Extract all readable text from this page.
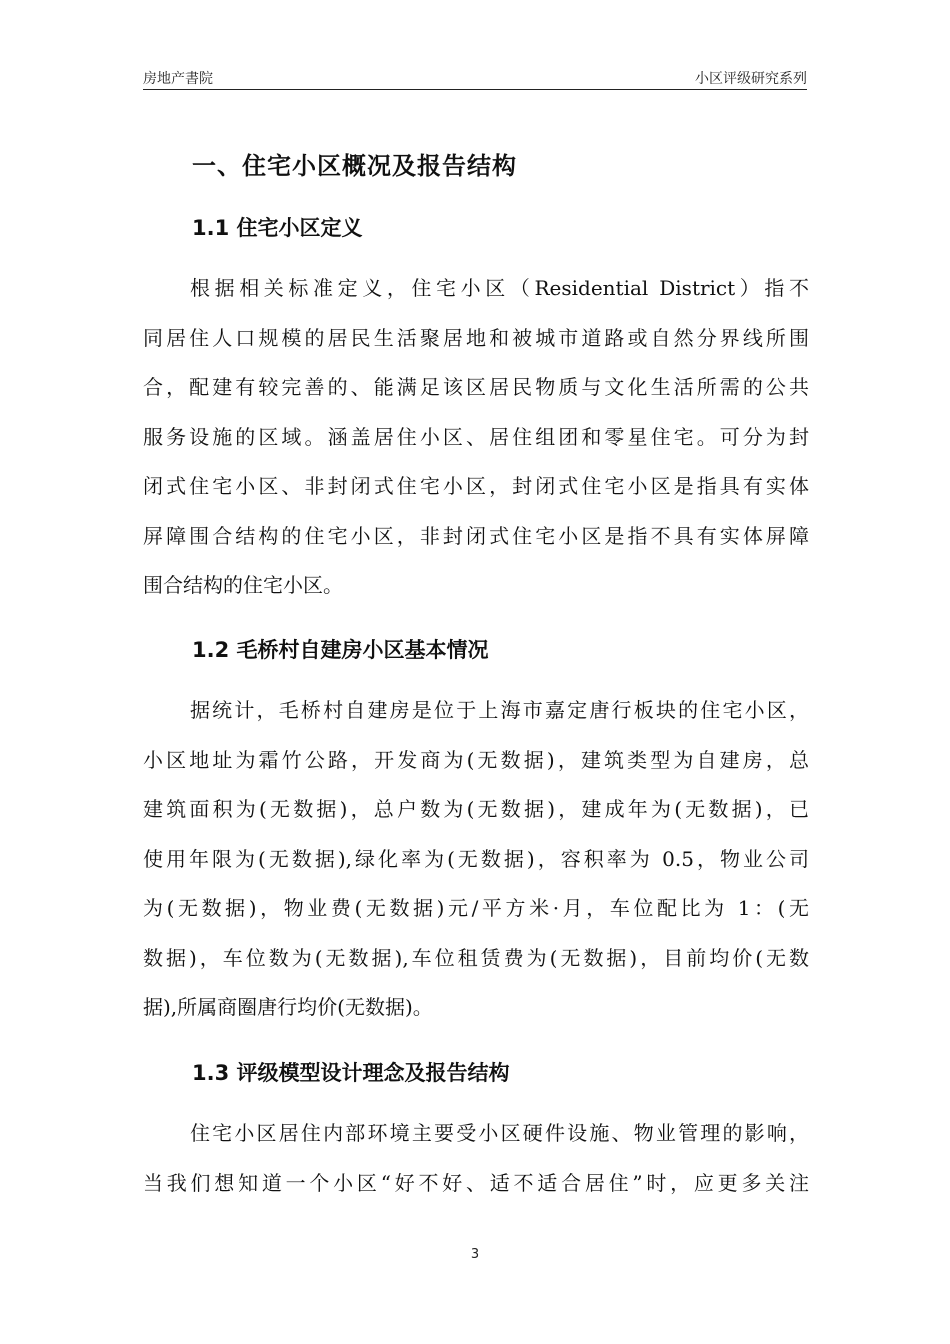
房地产書院	小区评级研究系列
一、住宅小区概况及报告结构
1.1 住宅小区定义
根据相关标准定义，住宅小区（Residential District）指不
同居住人口规模的居民生活聚居地和被城市道路或自然分界线所围
合，配建有较完善的、能满足该区居民物质与文化生活所需的公共
服务设施的区域。涵盖居住小区、居住组团和零星住宅。可分为封
闭式住宅小区、非封闭式住宅小区，封闭式住宅小区是指具有实体
屏障围合结构的住宅小区，非封闭式住宅小区是指不具有实体屏障
围合结构的住宅小区。
1.2 毛桥村自建房小区基本情况
据统计，毛桥村自建房是位于上海市嘉定唐行板块的住宅小区，
小区地址为霜竹公路，开发商为(无数据)，建筑类型为自建房，总
建筑面积为(无数据)，总户数为(无数据)，建成年为(无数据)，已
使用年限为(无数据),绿化率为(无数据)，容积率为 0.5，物业公司
为(无数据)，物业费(无数据)元/平方米·月，车位配比为 1：(无
数据)，车位数为(无数据),车位租赁费为(无数据)，目前均价(无数
据),所属商圈唐行均价(无数据)。
1.3 评级模型设计理念及报告结构
住宅小区居住内部环境主要受小区硬件设施、物业管理的影响，
当我们想知道一个小区“好不好、适不适合居住”时，应更多关注
3
